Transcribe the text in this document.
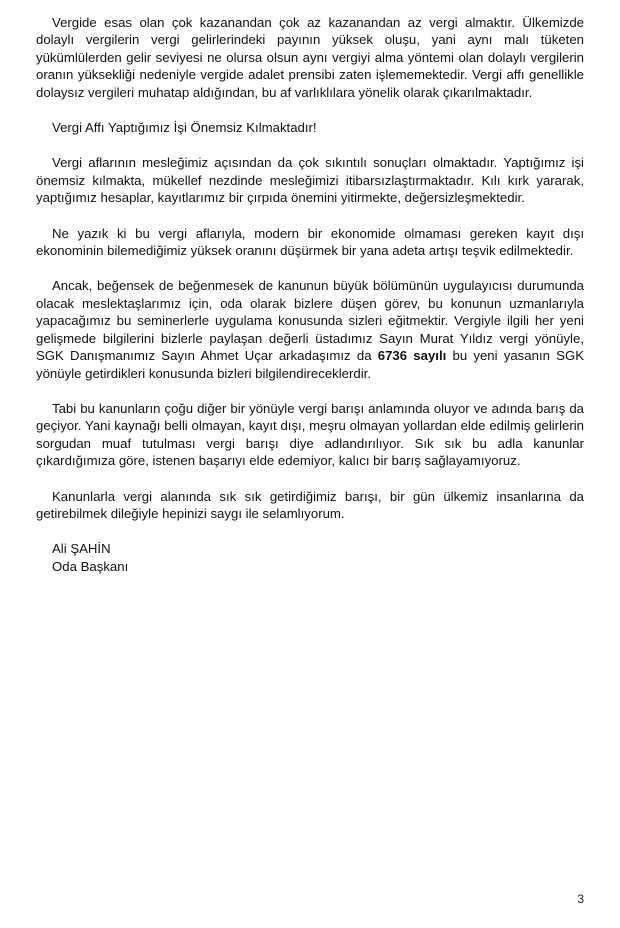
Vergide esas olan çok kazanandan çok az kazanandan az vergi almaktır. Ülkemizde dolaylı vergilerin vergi gelirlerindeki payının yüksek oluşu, yani aynı malı tüketen yükümlülerden gelir seviyesi ne olursa olsun aynı vergiyi alma yöntemi olan dolaylı vergilerin oranın yüksekliği nedeniyle vergide adalet prensibi zaten işlememektedir. Vergi affı genellikle dolaysız vergileri muhatap aldığından, bu af varlıklılara yönelik olarak çıkarılmaktadır.

Vergi Affı Yaptığımız İşi Önemsiz Kılmaktadır!

Vergi aflarının mesleğimiz açısından da çok sıkıntılı sonuçları olmaktadır. Yaptığımız işi önemsiz kılmakta, mükellef nezdinde mesleğimizi itibarsızlaştırmaktadır. Kılı kırk yararak, yaptığımız hesaplar, kayıtlarımız bir çırpıda önemini yitirmekte, değersizleşmektedir.

Ne yazık ki bu vergi aflarıyla, modern bir ekonomide olmaması gereken kayıt dışı ekonominin bilemediğimiz yüksek oranını düşürmek bir yana adeta artışı teşvik edilmektedir.

Ancak, beğensek de beğenmesek de kanunun büyük bölümünün uygulayıcısı durumunda olacak meslektaşlarımız için, oda olarak bizlere düşen görev, bu konunun uzmanlarıyla yapacağımız bu seminerlerle uygulama konusunda sizleri eğitmektir. Vergiyle ilgili her yeni gelişmede bilgilerini bizlerle paylaşan değerli üstadımız Sayın Murat Yıldız vergi yönüyle, SGK Danışmanımız Sayın Ahmet Uçar arkadaşımız da 6736 sayılı bu yeni yasanın SGK yönüyle getirdikleri konusunda bizleri bilgilendireceklerdir.

Tabi bu kanunların çoğu diğer bir yönüyle vergi barışı anlamında oluyor ve adında barış da geçiyor. Yani kaynağı belli olmayan, kayıt dışı, meşru olmayan yollardan elde edilmiş gelirlerin sorgudan muaf tutulması vergi barışı diye adlandırılıyor. Sık sık bu adla kanunlar çıkardığımıza göre, istenen başarıyı elde edemiyor, kalıcı bir barış sağlayamıyoruz.

Kanunlarla vergi alanında sık sık getirdiğimiz barışı, bir gün ülkemiz insanlarına da getirebilmek dileğiyle hepinizi saygı ile selamlıyorum.

Ali ŞAHİN
Oda Başkanı
3
